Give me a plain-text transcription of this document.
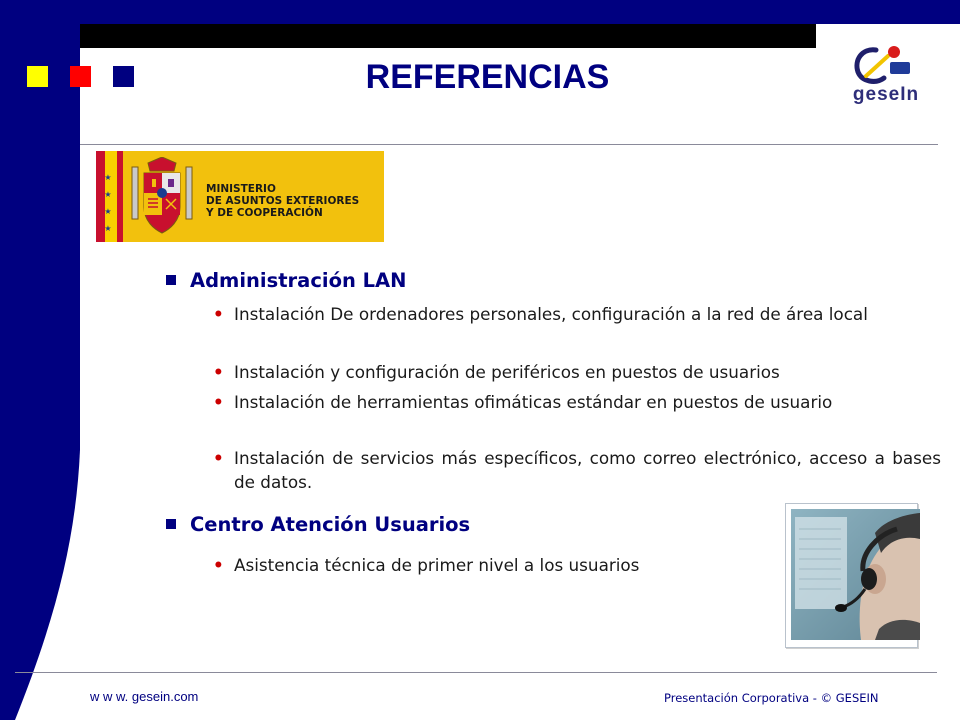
REFERENCIAS	geseIn
★
★
★
★
MINISTERIO
DE ASUNTOS EXTERIORES
Y DE COOPERACIÓN
Administración LAN
• Instalación De ordenadores personales, configuración a la red de área local
• Instalación y configuración de periféricos en puestos de usuarios
• Instalación de herramientas ofimáticas estándar en puestos de usuario
• Instalación de servicios más específicos, como correo electrónico, acceso a bases de datos.
Centro Atención Usuarios
• Asistencia técnica de primer nivel a los usuarios
w w w. gesein.com	Presentación Corporativa - © GESEIN
